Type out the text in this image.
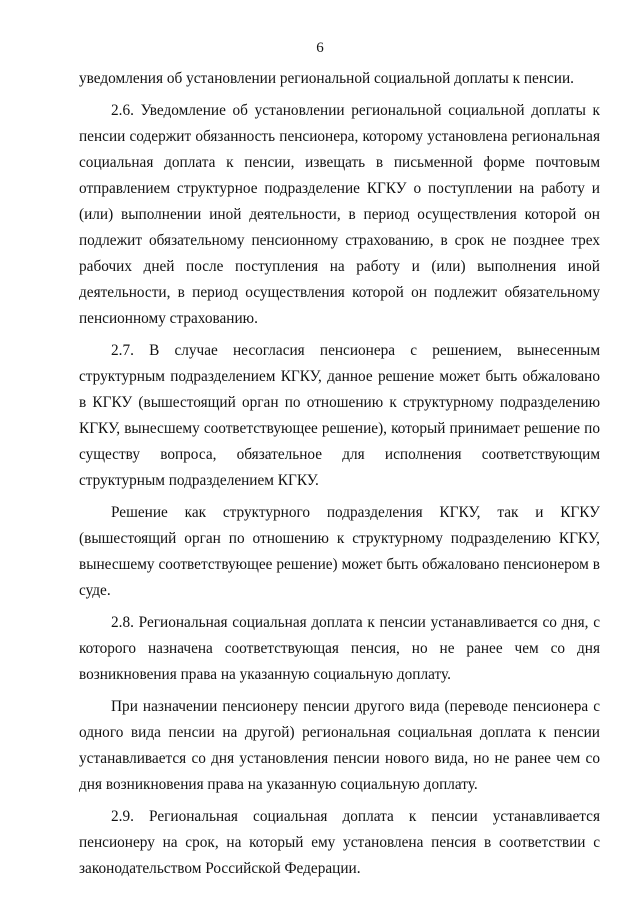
6

уведомления об установлении региональной социальной доплаты к пенсии.

2.6. Уведомление об установлении региональной социальной доплаты к пенсии содержит обязанность пенсионера, которому установлена региональная социальная доплата к пенсии, извещать в письменной форме почтовым отправлением структурное подразделение КГКУ о поступлении на работу и (или) выполнении иной деятельности, в период осуществления которой он подлежит обязательному пенсионному страхованию, в срок не позднее трех рабочих дней после поступления на работу и (или) выполнения иной деятельности, в период осуществления которой он подлежит обязательному пенсионному страхованию.

2.7. В случае несогласия пенсионера с решением, вынесенным структурным подразделением КГКУ, данное решение может быть обжаловано в КГКУ (вышестоящий орган по отношению к структурному подразделению КГКУ, вынесшему соответствующее решение), который принимает решение по существу вопроса, обязательное для исполнения соответствующим структурным подразделением КГКУ.

Решение как структурного подразделения КГКУ, так и КГКУ (вышестоящий орган по отношению к структурному подразделению КГКУ, вынесшему соответствующее решение) может быть обжаловано пенсионером в суде.

2.8. Региональная социальная доплата к пенсии устанавливается со дня, с которого назначена соответствующая пенсия, но не ранее чем со дня возникновения права на указанную социальную доплату.

При назначении пенсионеру пенсии другого вида (переводе пенсионера с одного вида пенсии на другой) региональная социальная доплата к пенсии устанавливается со дня установления пенсии нового вида, но не ранее чем со дня возникновения права на указанную социальную доплату.

2.9. Региональная социальная доплата к пенсии устанавливается пенсионеру на срок, на который ему установлена пенсия в соответствии с законодательством Российской Федерации.
